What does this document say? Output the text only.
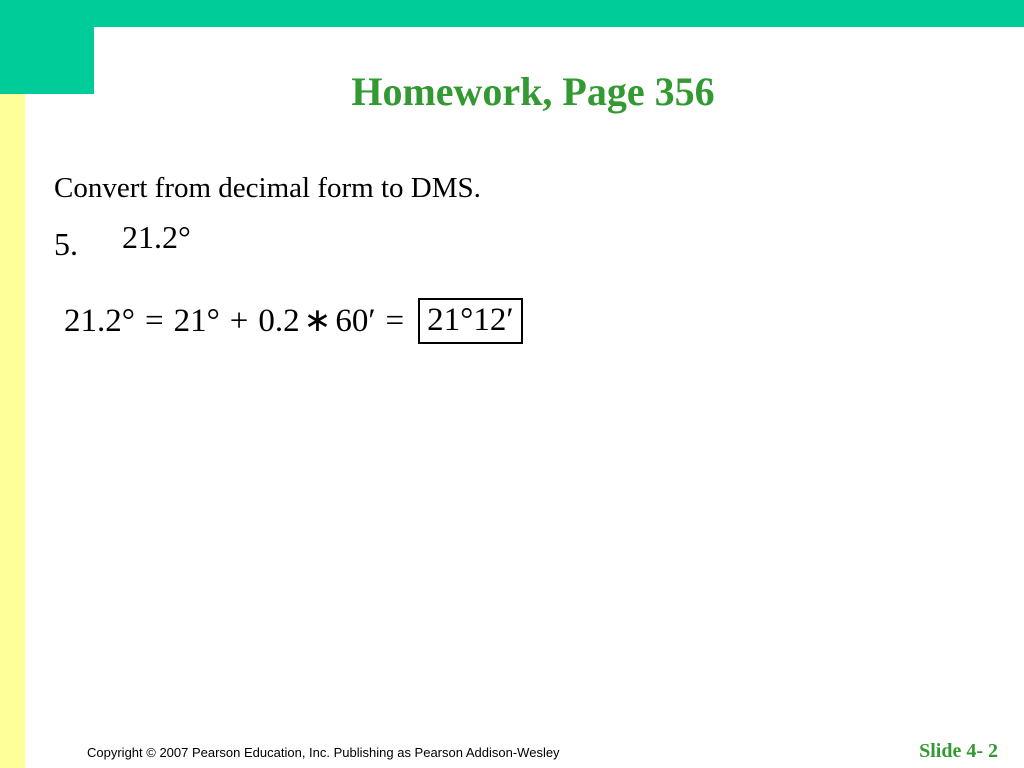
Homework, Page 356
Convert from decimal form to DMS.
5. 21.2°
21.2° = 21° + 0.2 ∗ 60′ = 21°12′
Copyright © 2007 Pearson Education, Inc. Publishing as Pearson Addison-Wesley	Slide 4- 2
